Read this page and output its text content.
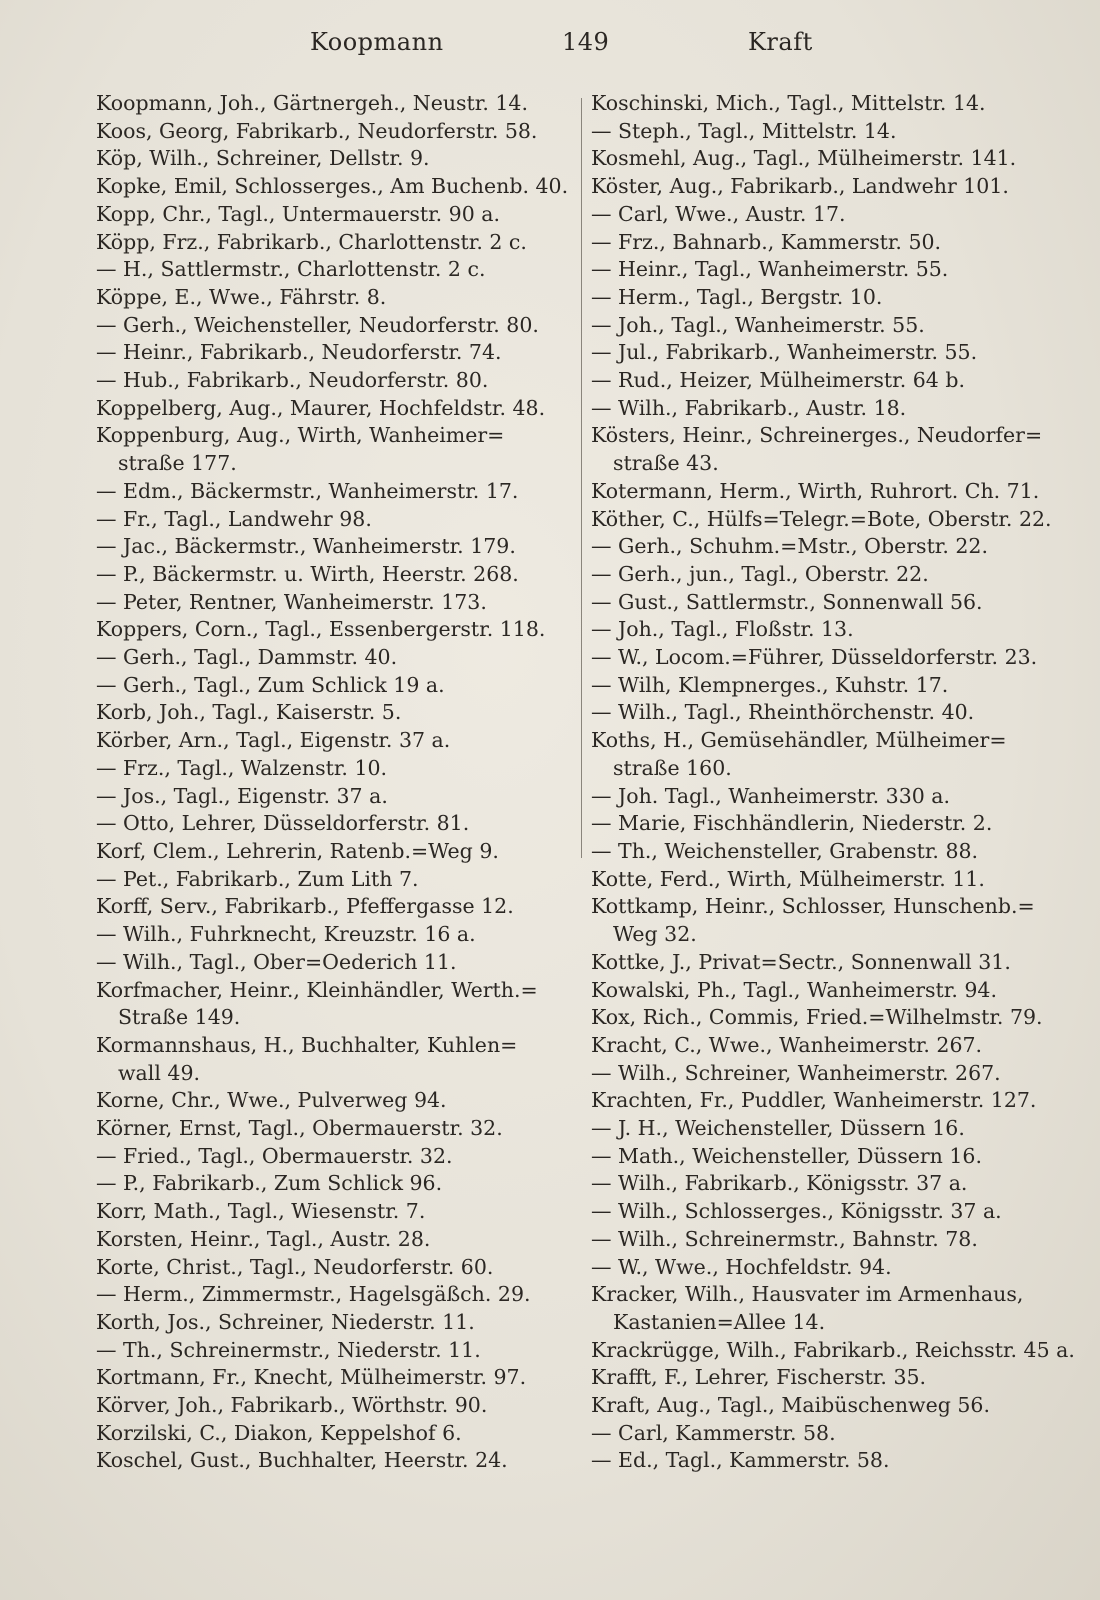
Koopmann	149	Kraft
Koopmann, Joh., Gärtnergeh., Neustr. 14.
Koos, Georg, Fabrikarb., Neudorferstr. 58.
Köp, Wilh., Schreiner, Dellstr. 9.
Kopke, Emil, Schlosserges., Am Buchenb. 40.
Kopp, Chr., Tagl., Untermauerstr. 90 a.
Köpp, Frz., Fabrikarb., Charlottenstr. 2 c.
— H., Sattlermstr., Charlottenstr. 2 c.
Köppe, E., Wwe., Fährstr. 8.
— Gerh., Weichensteller, Neudorferstr. 80.
— Heinr., Fabrikarb., Neudorferstr. 74.
— Hub., Fabrikarb., Neudorferstr. 80.
Koppelberg, Aug., Maurer, Hochfeldstr. 48.
Koppenburg, Aug., Wirth, Wanheimer=
straße 177.
— Edm., Bäckermstr., Wanheimerstr. 17.
— Fr., Tagl., Landwehr 98.
— Jac., Bäckermstr., Wanheimerstr. 179.
— P., Bäckermstr. u. Wirth, Heerstr. 268.
— Peter, Rentner, Wanheimerstr. 173.
Koppers, Corn., Tagl., Essenbergerstr. 118.
— Gerh., Tagl., Dammstr. 40.
— Gerh., Tagl., Zum Schlick 19 a.
Korb, Joh., Tagl., Kaiserstr. 5.
Körber, Arn., Tagl., Eigenstr. 37 a.
— Frz., Tagl., Walzenstr. 10.
— Jos., Tagl., Eigenstr. 37 a.
— Otto, Lehrer, Düsseldorferstr. 81.
Korf, Clem., Lehrerin, Ratenb.=Weg 9.
— Pet., Fabrikarb., Zum Lith 7.
Korff, Serv., Fabrikarb., Pfeffergasse 12.
— Wilh., Fuhrknecht, Kreuzstr. 16 a.
— Wilh., Tagl., Ober=Oederich 11.
Korfmacher, Heinr., Kleinhändler, Werth.=
Straße 149.
Kormannshaus, H., Buchhalter, Kuhlen=
wall 49.
Korne, Chr., Wwe., Pulverweg 94.
Körner, Ernst, Tagl., Obermauerstr. 32.
— Fried., Tagl., Obermauerstr. 32.
— P., Fabrikarb., Zum Schlick 96.
Korr, Math., Tagl., Wiesenstr. 7.
Korsten, Heinr., Tagl., Austr. 28.
Korte, Christ., Tagl., Neudorferstr. 60.
— Herm., Zimmermstr., Hagelsgäßch. 29.
Korth, Jos., Schreiner, Niederstr. 11.
— Th., Schreinermstr., Niederstr. 11.
Kortmann, Fr., Knecht, Mülheimerstr. 97.
Körver, Joh., Fabrikarb., Wörthstr. 90.
Korzilski, C., Diakon, Keppelshof 6.
Koschel, Gust., Buchhalter, Heerstr. 24.
Koschinski, Mich., Tagl., Mittelstr. 14.
— Steph., Tagl., Mittelstr. 14.
Kosmehl, Aug., Tagl., Mülheimerstr. 141.
Köster, Aug., Fabrikarb., Landwehr 101.
— Carl, Wwe., Austr. 17.
— Frz., Bahnarb., Kammerstr. 50.
— Heinr., Tagl., Wanheimerstr. 55.
— Herm., Tagl., Bergstr. 10.
— Joh., Tagl., Wanheimerstr. 55.
— Jul., Fabrikarb., Wanheimerstr. 55.
— Rud., Heizer, Mülheimerstr. 64 b.
— Wilh., Fabrikarb., Austr. 18.
Kösters, Heinr., Schreinerges., Neudorfer=
straße 43.
Kotermann, Herm., Wirth, Ruhrort. Ch. 71.
Köther, C., Hülfs=Telegr.=Bote, Oberstr. 22.
— Gerh., Schuhm.=Mstr., Oberstr. 22.
— Gerh., jun., Tagl., Oberstr. 22.
— Gust., Sattlermstr., Sonnenwall 56.
— Joh., Tagl., Floßstr. 13.
— W., Locom.=Führer, Düsseldorferstr. 23.
— Wilh, Klempnerges., Kuhstr. 17.
— Wilh., Tagl., Rheinthörchenstr. 40.
Koths, H., Gemüsehändler, Mülheimer=
straße 160.
— Joh. Tagl., Wanheimerstr. 330 a.
— Marie, Fischhändlerin, Niederstr. 2.
— Th., Weichensteller, Grabenstr. 88.
Kotte, Ferd., Wirth, Mülheimerstr. 11.
Kottkamp, Heinr., Schlosser, Hunschenb.=
Weg 32.
Kottke, J., Privat=Sectr., Sonnenwall 31.
Kowalski, Ph., Tagl., Wanheimerstr. 94.
Kox, Rich., Commis, Fried.=Wilhelmstr. 79.
Kracht, C., Wwe., Wanheimerstr. 267.
— Wilh., Schreiner, Wanheimerstr. 267.
Krachten, Fr., Puddler, Wanheimerstr. 127.
— J. H., Weichensteller, Düssern 16.
— Math., Weichensteller, Düssern 16.
— Wilh., Fabrikarb., Königsstr. 37 a.
— Wilh., Schlosserges., Königsstr. 37 a.
— Wilh., Schreinermstr., Bahnstr. 78.
— W., Wwe., Hochfeldstr. 94.
Kracker, Wilh., Hausvater im Armenhaus,
Kastanien=Allee 14.
Krackrügge, Wilh., Fabrikarb., Reichsstr. 45 a.
Krafft, F., Lehrer, Fischerstr. 35.
Kraft, Aug., Tagl., Maibüschenweg 56.
— Carl, Kammerstr. 58.
— Ed., Tagl., Kammerstr. 58.
